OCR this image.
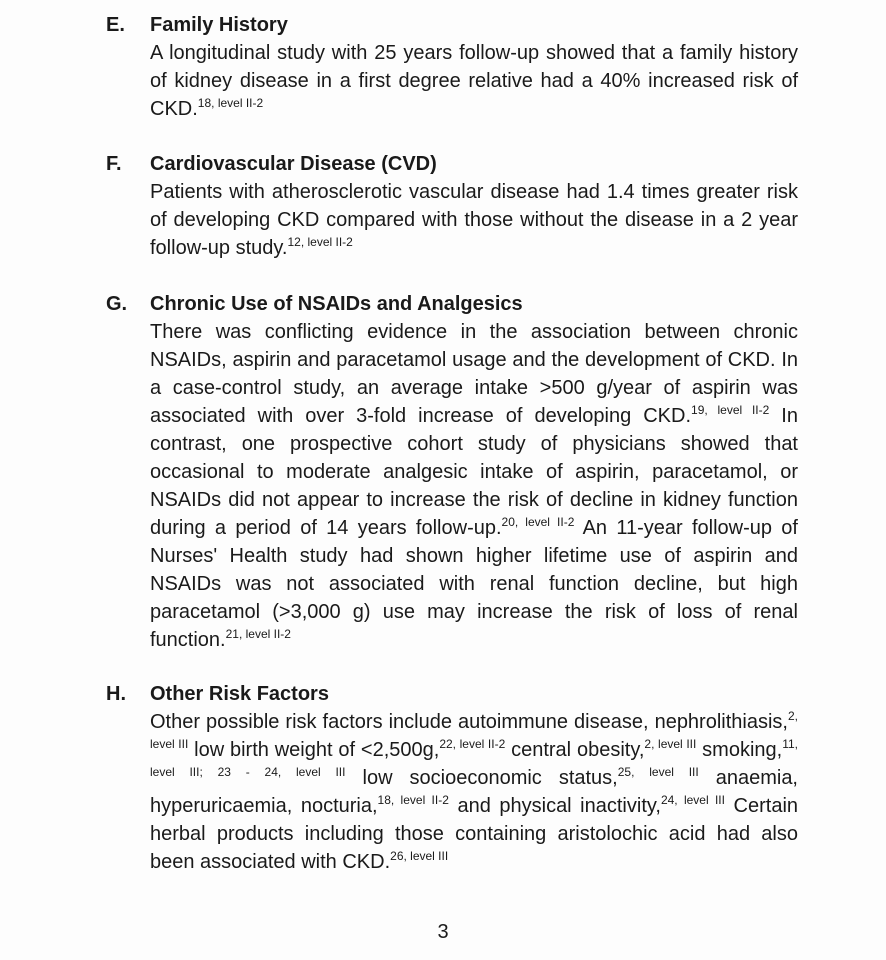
E.	Family History
A longitudinal study with 25 years follow-up showed that a family history of kidney disease in a first degree relative had a 40% increased risk of CKD.$^{18, level II-2}$
F.	Cardiovascular Disease (CVD)
Patients with atherosclerotic vascular disease had 1.4 times greater risk of developing CKD compared with those without the disease in a 2 year follow-up study.$^{12, level II-2}$
G.	Chronic Use of NSAIDs and Analgesics
There was conflicting evidence in the association between chronic NSAIDs, aspirin and paracetamol usage and the development of CKD. In a case-control study, an average intake >500 g/year of aspirin was associated with over 3-fold increase of developing CKD.$^{19, level II-2}$ In contrast, one prospective cohort study of physicians showed that occasional to moderate analgesic intake of aspirin, paracetamol, or NSAIDs did not appear to increase the risk of decline in kidney function during a period of 14 years follow-up.$^{20, level II-2}$ An 11-year follow-up of Nurses' Health study had shown higher lifetime use of aspirin and NSAIDs was not associated with renal function decline, but high paracetamol (>3,000 g) use may increase the risk of loss of renal function.$^{21, level II-2}$
H.	Other Risk Factors
Other possible risk factors include autoimmune disease, nephrolithiasis,$^{2, level III}$ low birth weight of <2,500g,$^{22, level II-2}$ central obesity,$^{2, level III}$ smoking,$^{11, level III; 23 - 24, level III}$ low socioeconomic status,$^{25, level III}$ anaemia, hyperuricaemia, nocturia,$^{18, level II-2}$ and physical inactivity,$^{24, level III}$ Certain herbal products including those containing aristolochic acid had also been associated with CKD.$^{26, level III}$
3
